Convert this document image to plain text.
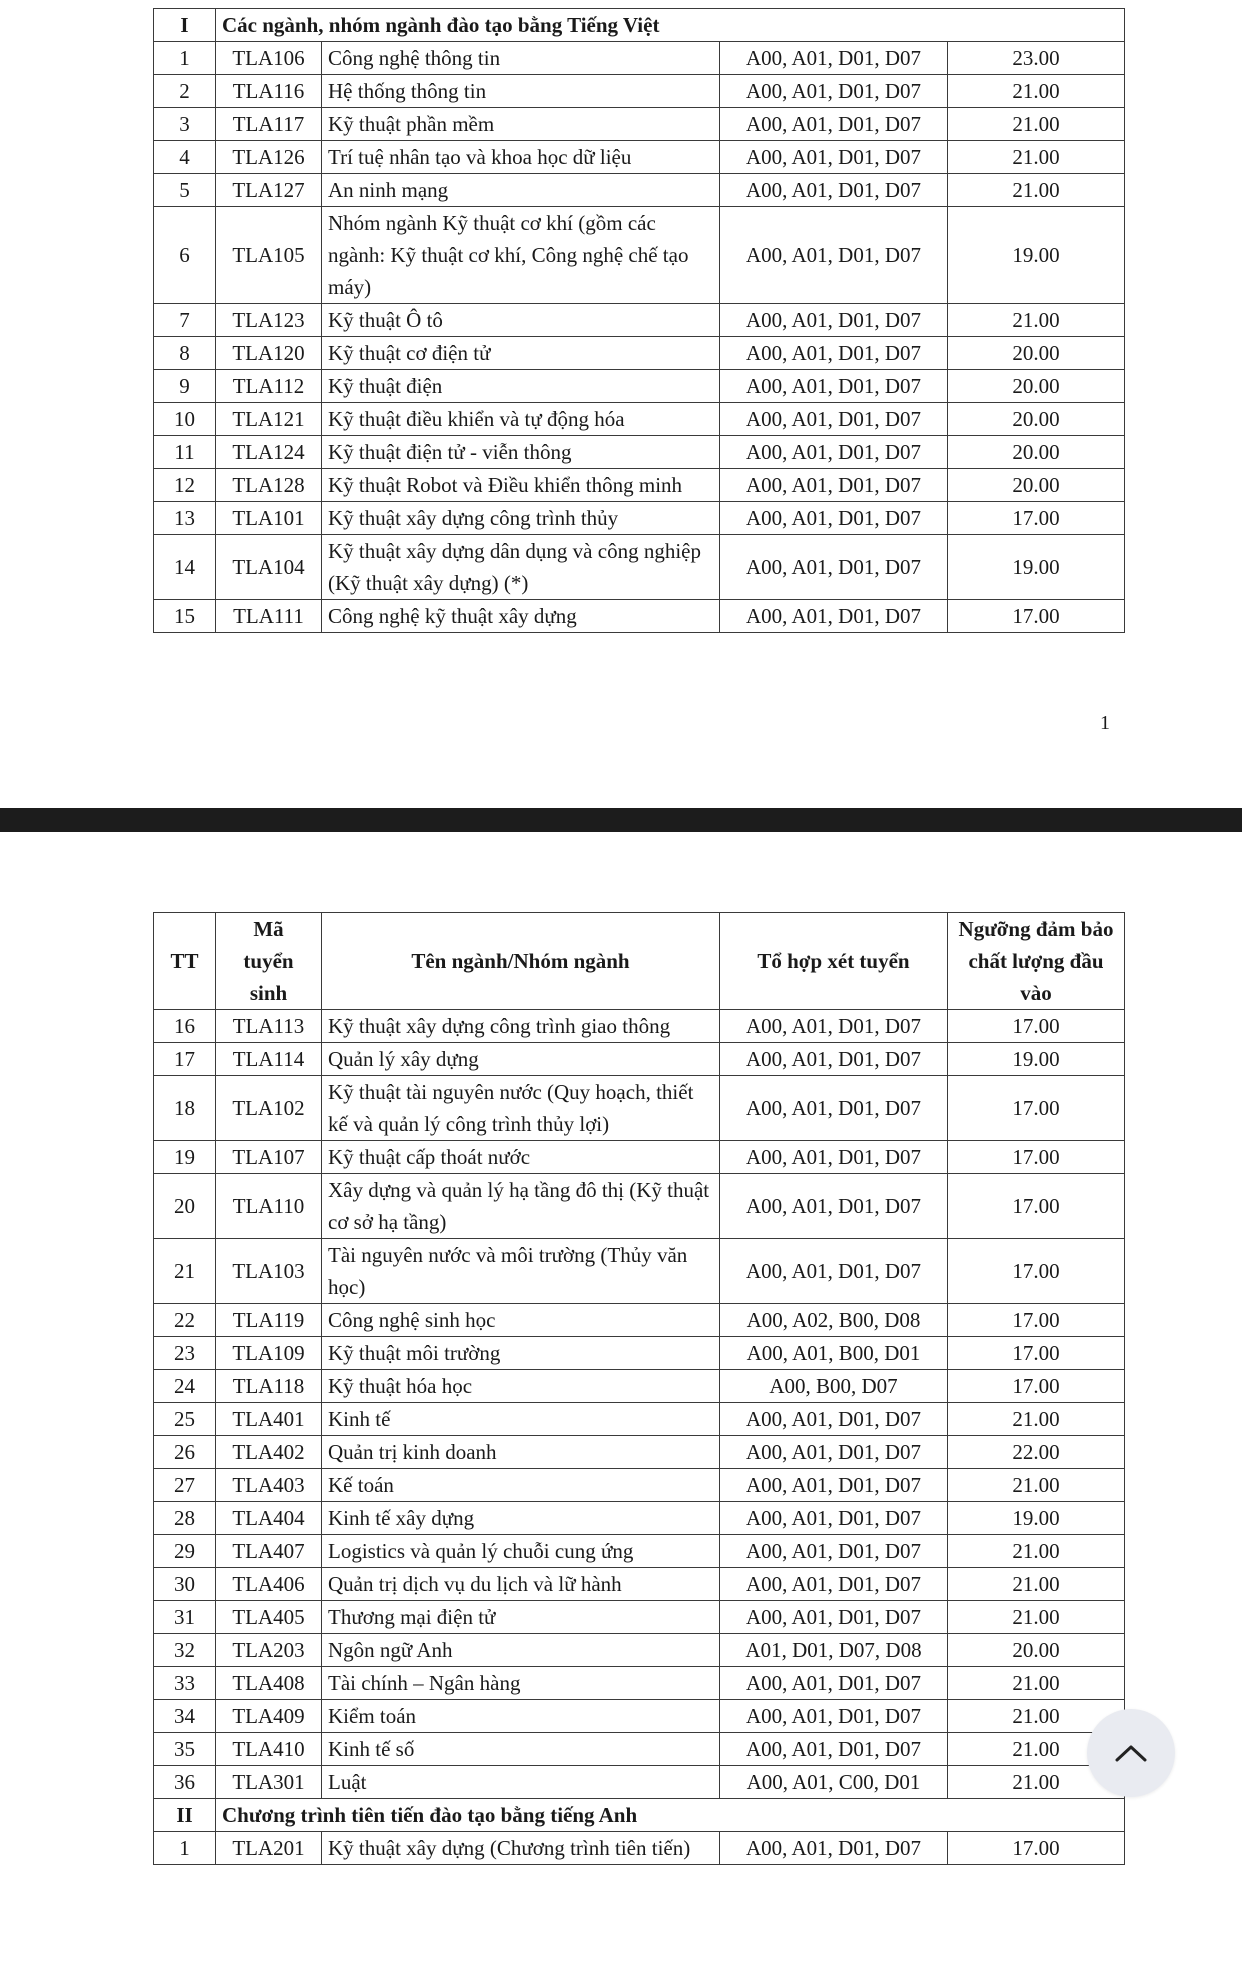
I	Các ngành, nhóm ngành đào tạo bằng Tiếng Việt			
1	TLA106	Công nghệ thông tin	A00, A01, D01, D07	23.00
2	TLA116	Hệ thống thông tin	A00, A01, D01, D07	21.00
3	TLA117	Kỹ thuật phần mềm	A00, A01, D01, D07	21.00
4	TLA126	Trí tuệ nhân tạo và khoa học dữ liệu	A00, A01, D01, D07	21.00
5	TLA127	An ninh mạng	A00, A01, D01, D07	21.00
6	TLA105	Nhóm ngành Kỹ thuật cơ khí (gồm các ngành: Kỹ thuật cơ khí, Công nghệ chế tạo máy)	A00, A01, D01, D07	19.00
7	TLA123	Kỹ thuật Ô tô	A00, A01, D01, D07	21.00
8	TLA120	Kỹ thuật cơ điện tử	A00, A01, D01, D07	20.00
9	TLA112	Kỹ thuật điện	A00, A01, D01, D07	20.00
10	TLA121	Kỹ thuật điều khiển và tự động hóa	A00, A01, D01, D07	20.00
11	TLA124	Kỹ thuật điện tử - viễn thông	A00, A01, D01, D07	20.00
12	TLA128	Kỹ thuật Robot và Điều khiển thông minh	A00, A01, D01, D07	20.00
13	TLA101	Kỹ thuật xây dựng công trình thủy	A00, A01, D01, D07	17.00
14	TLA104	Kỹ thuật xây dựng dân dụng và công nghiệp (Kỹ thuật xây dựng) (*)	A00, A01, D01, D07	19.00
15	TLA111	Công nghệ kỹ thuật xây dựng	A00, A01, D01, D07	17.00
1
TT	Mã tuyển sinh	Tên ngành/Nhóm ngành	Tổ hợp xét tuyển	Ngưỡng đảm bảo chất lượng đầu vào
16	TLA113	Kỹ thuật xây dựng công trình giao thông	A00, A01, D01, D07	17.00
17	TLA114	Quản lý xây dựng	A00, A01, D01, D07	19.00
18	TLA102	Kỹ thuật tài nguyên nước (Quy hoạch, thiết kế và quản lý công trình thủy lợi)	A00, A01, D01, D07	17.00
19	TLA107	Kỹ thuật cấp thoát nước	A00, A01, D01, D07	17.00
20	TLA110	Xây dựng và quản lý hạ tầng đô thị (Kỹ thuật cơ sở hạ tầng)	A00, A01, D01, D07	17.00
21	TLA103	Tài nguyên nước và môi trường (Thủy văn học)	A00, A01, D01, D07	17.00
22	TLA119	Công nghệ sinh học	A00, A02, B00, D08	17.00
23	TLA109	Kỹ thuật môi trường	A00, A01, B00, D01	17.00
24	TLA118	Kỹ thuật hóa học	A00, B00, D07	17.00
25	TLA401	Kinh tế	A00, A01, D01, D07	21.00
26	TLA402	Quản trị kinh doanh	A00, A01, D01, D07	22.00
27	TLA403	Kế toán	A00, A01, D01, D07	21.00
28	TLA404	Kinh tế xây dựng	A00, A01, D01, D07	19.00
29	TLA407	Logistics và quản lý chuỗi cung ứng	A00, A01, D01, D07	21.00
30	TLA406	Quản trị dịch vụ du lịch và lữ hành	A00, A01, D01, D07	21.00
31	TLA405	Thương mại điện tử	A00, A01, D01, D07	21.00
32	TLA203	Ngôn ngữ Anh	A01, D01, D07, D08	20.00
33	TLA408	Tài chính – Ngân hàng	A00, A01, D01, D07	21.00
34	TLA409	Kiểm toán	A00, A01, D01, D07	21.00
35	TLA410	Kinh tế số	A00, A01, D01, D07	21.00
36	TLA301	Luật	A00, A01, C00, D01	21.00
II	Chương trình tiên tiến đào tạo bằng tiếng Anh			
1	TLA201	Kỹ thuật xây dựng (Chương trình tiên tiến)	A00, A01, D01, D07	17.00
